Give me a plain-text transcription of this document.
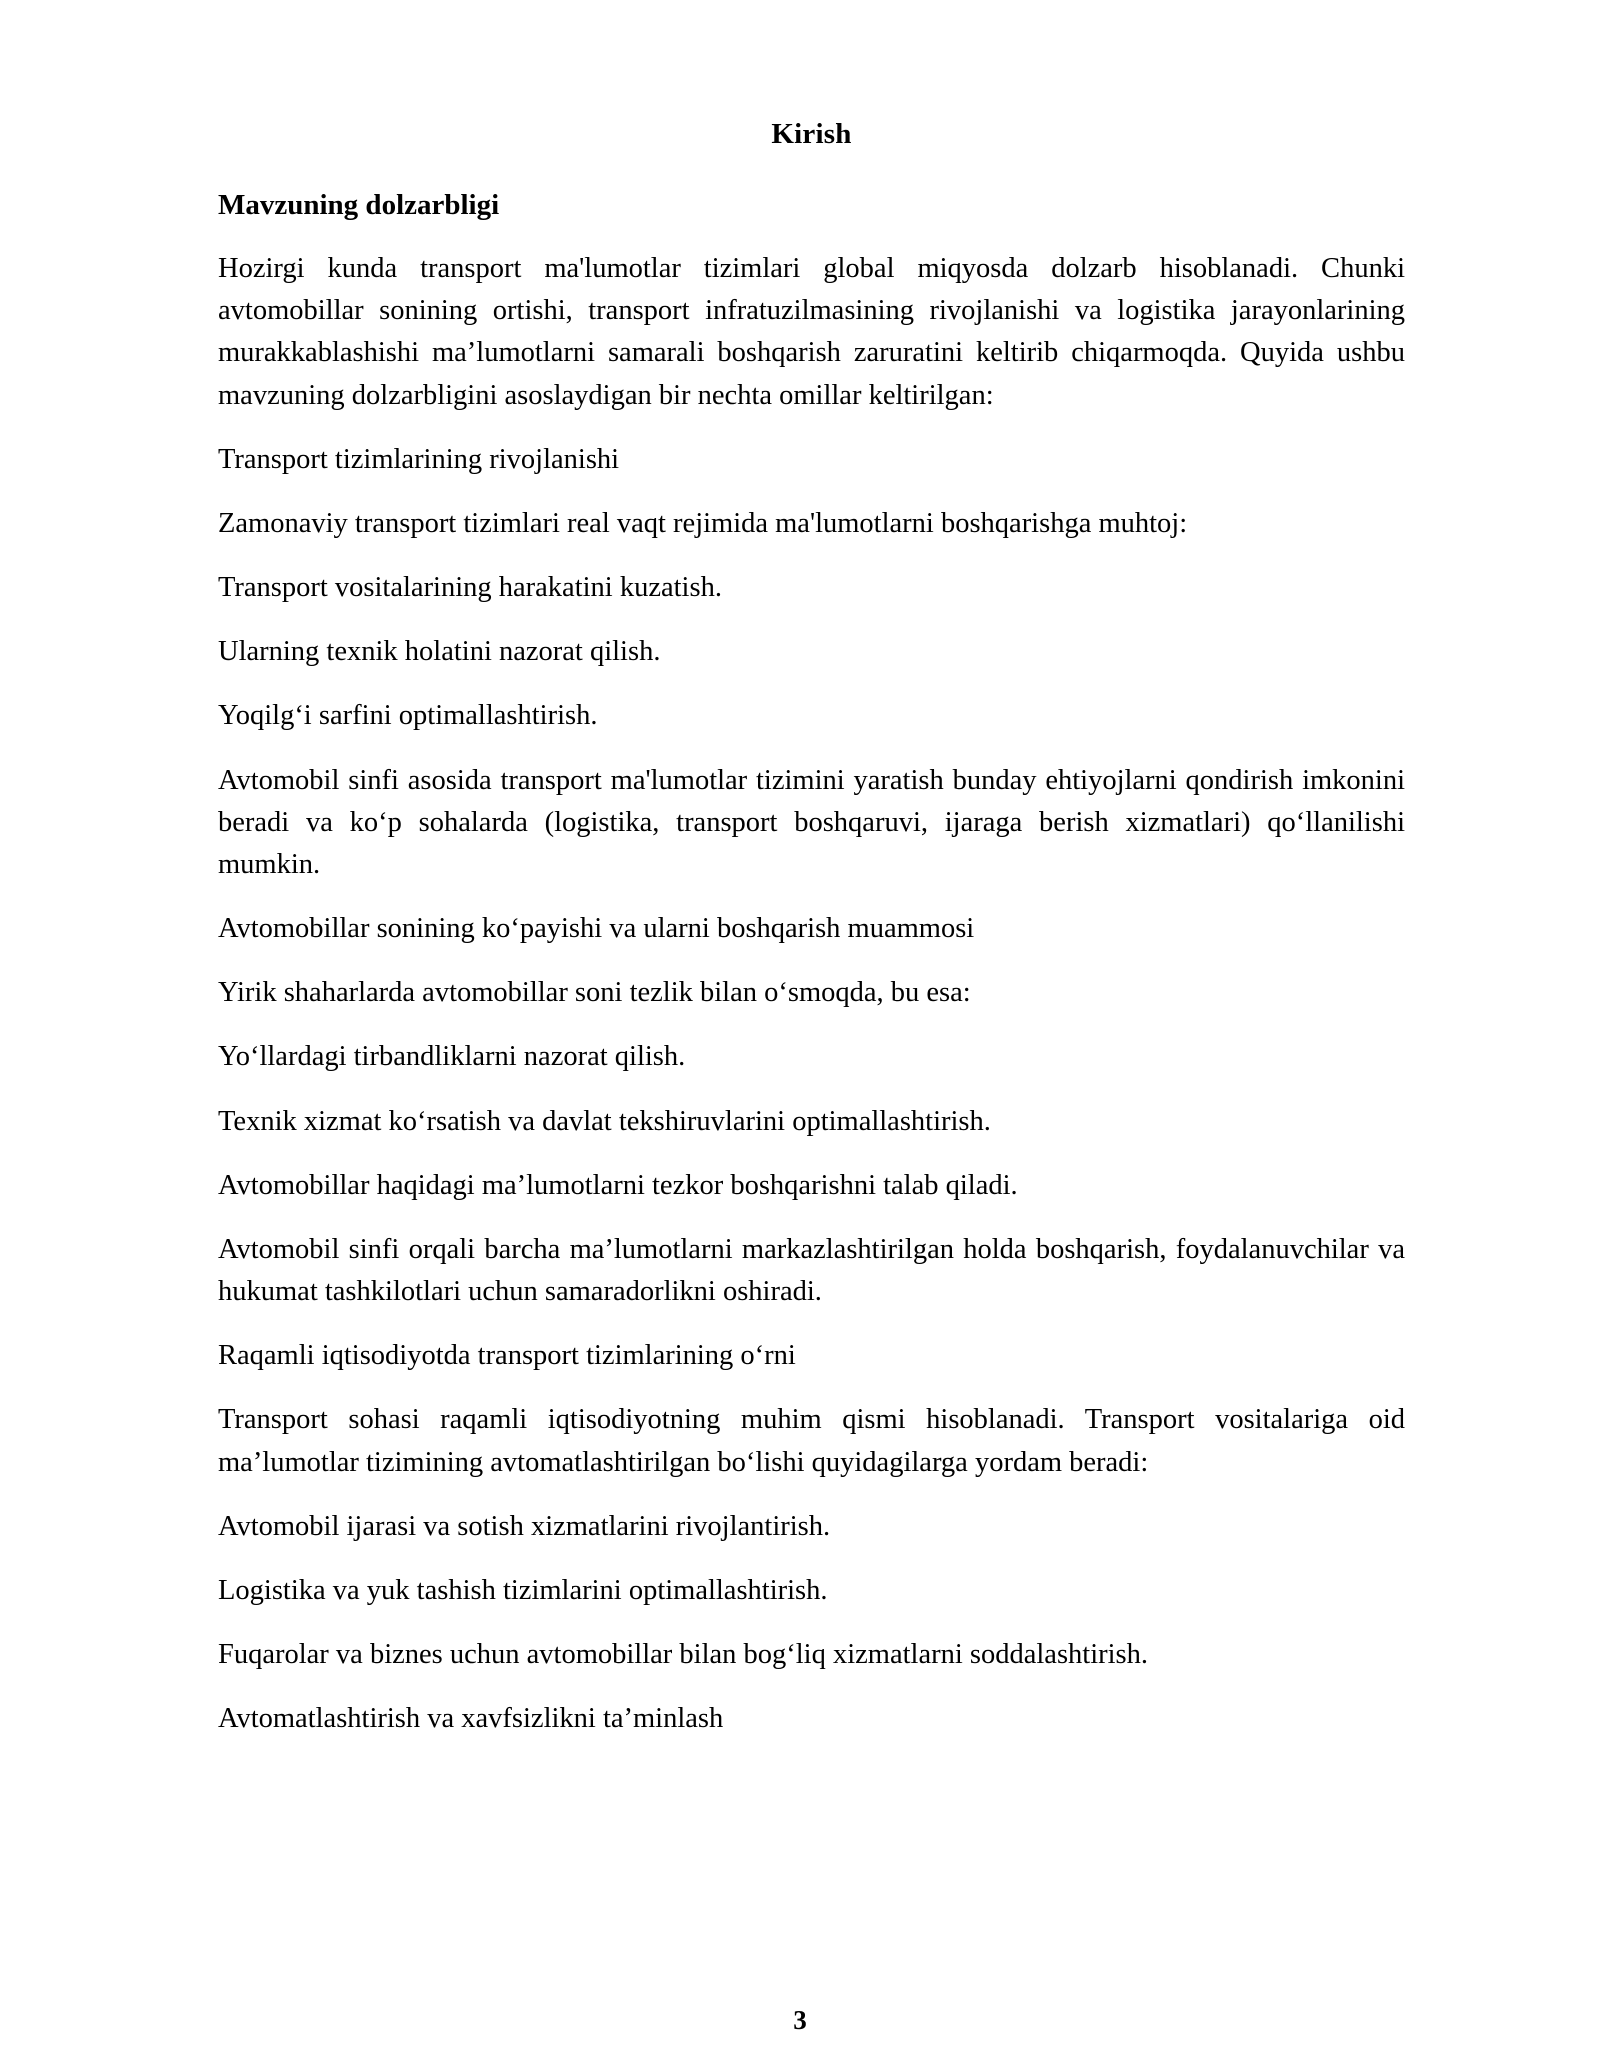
Kirish
Mavzuning dolzarbligi

Hozirgi kunda transport ma'lumotlar tizimlari global miqyosda dolzarb hisoblanadi. Chunki avtomobillar sonining ortishi, transport infratuzilmasining rivojlanishi va logistika jarayonlarining murakkablashishi ma’lumotlarni samarali boshqarish zaruratini keltirib chiqarmoqda. Quyida ushbu mavzuning dolzarbligini asoslaydigan bir nechta omillar keltirilgan:

Transport tizimlarining rivojlanishi

Zamonaviy transport tizimlari real vaqt rejimida ma'lumotlarni boshqarishga muhtoj:

Transport vositalarining harakatini kuzatish.

Ularning texnik holatini nazorat qilish.

Yoqilg‘i sarfini optimallashtirish.

Avtomobil sinfi asosida transport ma'lumotlar tizimini yaratish bunday ehtiyojlarni qondirish imkonini beradi va ko‘p sohalarda (logistika, transport boshqaruvi, ijaraga berish xizmatlari) qo‘llanilishi mumkin.

Avtomobillar sonining ko‘payishi va ularni boshqarish muammosi

Yirik shaharlarda avtomobillar soni tezlik bilan o‘smoqda, bu esa:

Yo‘llardagi tirbandliklarni nazorat qilish.

Texnik xizmat ko‘rsatish va davlat tekshiruvlarini optimallashtirish.

Avtomobillar haqidagi ma’lumotlarni tezkor boshqarishni talab qiladi.

Avtomobil sinfi orqali barcha ma’lumotlarni markazlashtirilgan holda boshqarish, foydalanuvchilar va hukumat tashkilotlari uchun samaradorlikni oshiradi.

Raqamli iqtisodiyotda transport tizimlarining o‘rni

Transport sohasi raqamli iqtisodiyotning muhim qismi hisoblanadi. Transport vositalariga oid ma’lumotlar tizimining avtomatlashtirilgan bo‘lishi quyidagilarga yordam beradi:

Avtomobil ijarasi va sotish xizmatlarini rivojlantirish.

Logistika va yuk tashish tizimlarini optimallashtirish.

Fuqarolar va biznes uchun avtomobillar bilan bog‘liq xizmatlarni soddalashtirish.

Avtomatlashtirish va xavfsizlikni ta’minlash

3
